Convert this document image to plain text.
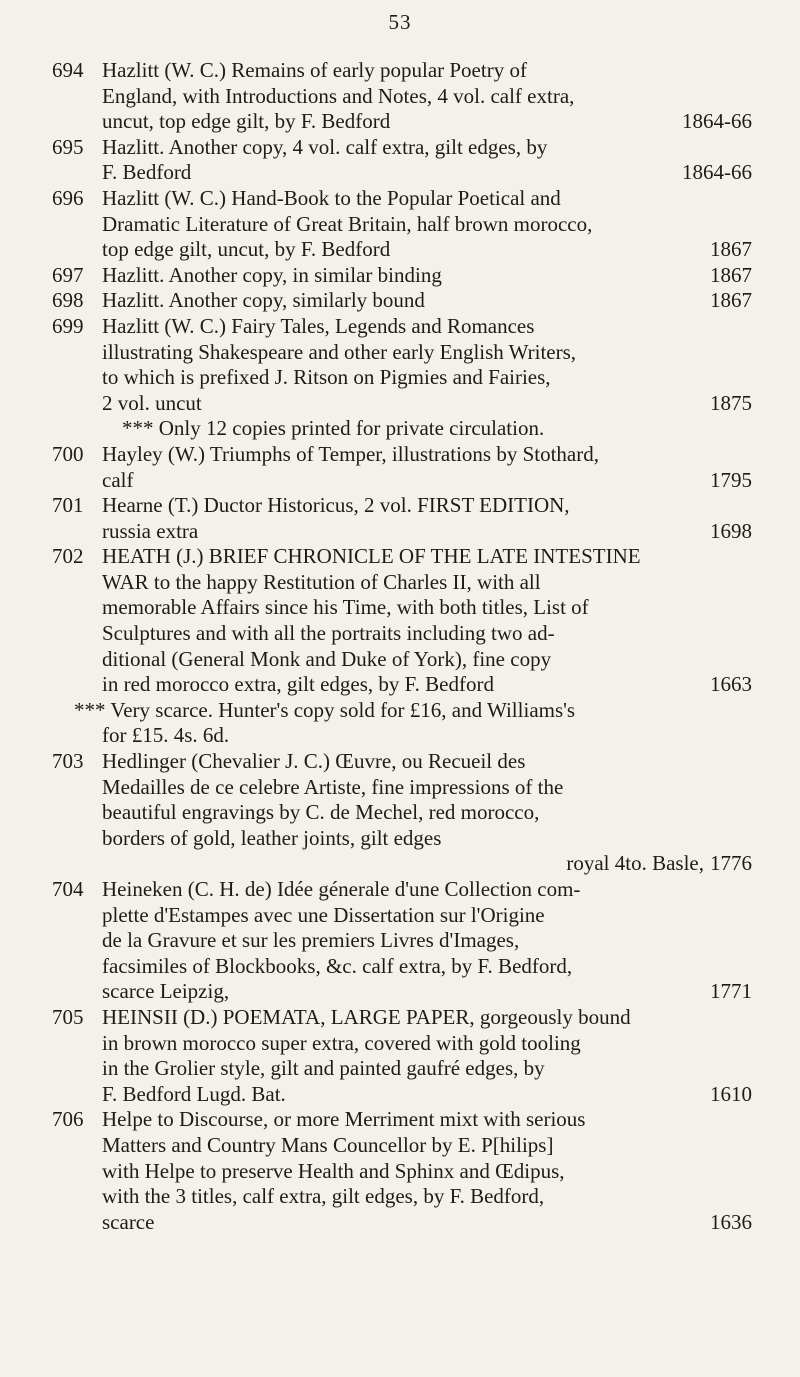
53
694 Hazlitt (W. C.) Remains of early popular Poetry of
England, with Introductions and Notes, 4 vol. calf extra,
uncut, top edge gilt, by F. Bedford	1864-66
695 Hazlitt. Another copy, 4 vol. calf extra, gilt edges, by
F. Bedford	1864-66
696 Hazlitt (W. C.) Hand-Book to the Popular Poetical and
Dramatic Literature of Great Britain, half brown morocco,
top edge gilt, uncut, by F. Bedford	1867
697 Hazlitt. Another copy, in similar binding	1867
698 Hazlitt. Another copy, similarly bound	1867
699 Hazlitt (W. C.) Fairy Tales, Legends and Romances
illustrating Shakespeare and other early English Writers,
to which is prefixed J. Ritson on Pigmies and Fairies,
2 vol. uncut	1875
*** Only 12 copies printed for private circulation.
700 Hayley (W.) Triumphs of Temper, illustrations by Stothard,
calf	1795
701 Hearne (T.) Ductor Historicus, 2 vol. FIRST EDITION,
russia extra	1698
702 HEATH (J.) BRIEF CHRONICLE OF THE LATE INTESTINE
WAR to the happy Restitution of Charles II, with all
memorable Affairs since his Time, with both titles, List of
Sculptures and with all the portraits including two ad-
ditional (General Monk and Duke of York), fine copy
in red morocco extra, gilt edges, by F. Bedford	1663
*** Very scarce. Hunter's copy sold for £16, and Williams's
for £15. 4s. 6d.
703 Hedlinger (Chevalier J. C.) Œuvre, ou Recueil des
Medailles de ce celebre Artiste, fine impressions of the
beautiful engravings by C. de Mechel, red morocco,
borders of gold, leather joints, gilt edges
royal 4to. Basle, 1776
704 Heineken (C. H. de) Idée génerale d'une Collection com-
plette d'Estampes avec une Dissertation sur l'Origine
de la Gravure et sur les premiers Livres d'Images,
facsimiles of Blockbooks, &c. calf extra, by F. Bedford,
scarce Leipzig,	1771
705 HEINSII (D.) POEMATA, LARGE PAPER, gorgeously bound
in brown morocco super extra, covered with gold tooling
in the Grolier style, gilt and painted gaufré edges, by
F. Bedford Lugd. Bat.	1610
706 Helpe to Discourse, or more Merriment mixt with serious
Matters and Country Mans Councellor by E. P[hilips]
with Helpe to preserve Health and Sphinx and Œdipus,
with the 3 titles, calf extra, gilt edges, by F. Bedford,
scarce	1636
